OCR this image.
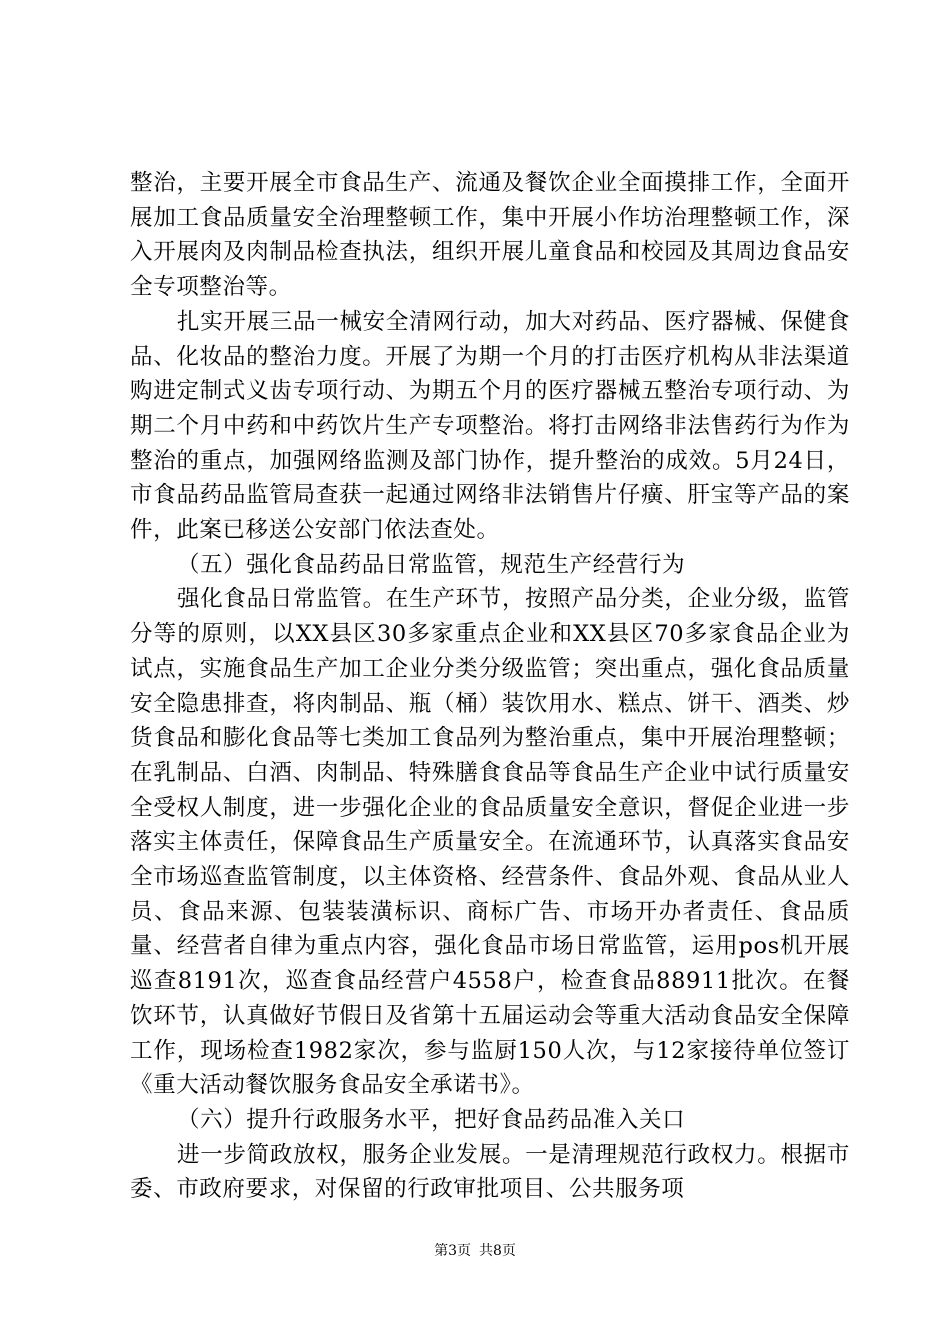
整治，主要开展全市食品生产、流通及餐饮企业全面摸排工作，全面开展加工食品质量安全治理整顿工作，集中开展小作坊治理整顿工作，深入开展肉及肉制品检查执法，组织开展儿童食品和校园及其周边食品安全专项整治等。

扎实开展三品一械安全清网行动，加大对药品、医疗器械、保健食品、化妆品的整治力度。开展了为期一个月的打击医疗机构从非法渠道购进定制式义齿专项行动、为期五个月的医疗器械五整治专项行动、为期二个月中药和中药饮片生产专项整治。将打击网络非法售药行为作为整治的重点，加强网络监测及部门协作，提升整治的成效。5月24日，市食品药品监管局查获一起通过网络非法销售片仔癀、肝宝等产品的案件，此案已移送公安部门依法查处。

（五）强化食品药品日常监管，规范生产经营行为

强化食品日常监管。在生产环节，按照产品分类，企业分级，监管分等的原则，以XX县区30多家重点企业和XX县区70多家食品企业为试点，实施食品生产加工企业分类分级监管；突出重点，强化食品质量安全隐患排查，将肉制品、瓶（桶）装饮用水、糕点、饼干、酒类、炒货食品和膨化食品等七类加工食品列为整治重点，集中开展治理整顿；在乳制品、白酒、肉制品、特殊膳食食品等食品生产企业中试行质量安全受权人制度，进一步强化企业的食品质量安全意识，督促企业进一步落实主体责任，保障食品生产质量安全。在流通环节，认真落实食品安全市场巡查监管制度，以主体资格、经营条件、食品外观、食品从业人员、食品来源、包装装潢标识、商标广告、市场开办者责任、食品质量、经营者自律为重点内容，强化食品市场日常监管，运用pos机开展巡查8191次，巡查食品经营户4558户，检查食品88911批次。在餐饮环节，认真做好节假日及省第十五届运动会等重大活动食品安全保障工作，现场检查1982家次，参与监厨150人次，与12家接待单位签订《重大活动餐饮服务食品安全承诺书》。

（六）提升行政服务水平，把好食品药品准入关口

进一步简政放权，服务企业发展。一是清理规范行政权力。根据市委、市政府要求，对保留的行政审批项目、公共服务项

第3页 共8页
